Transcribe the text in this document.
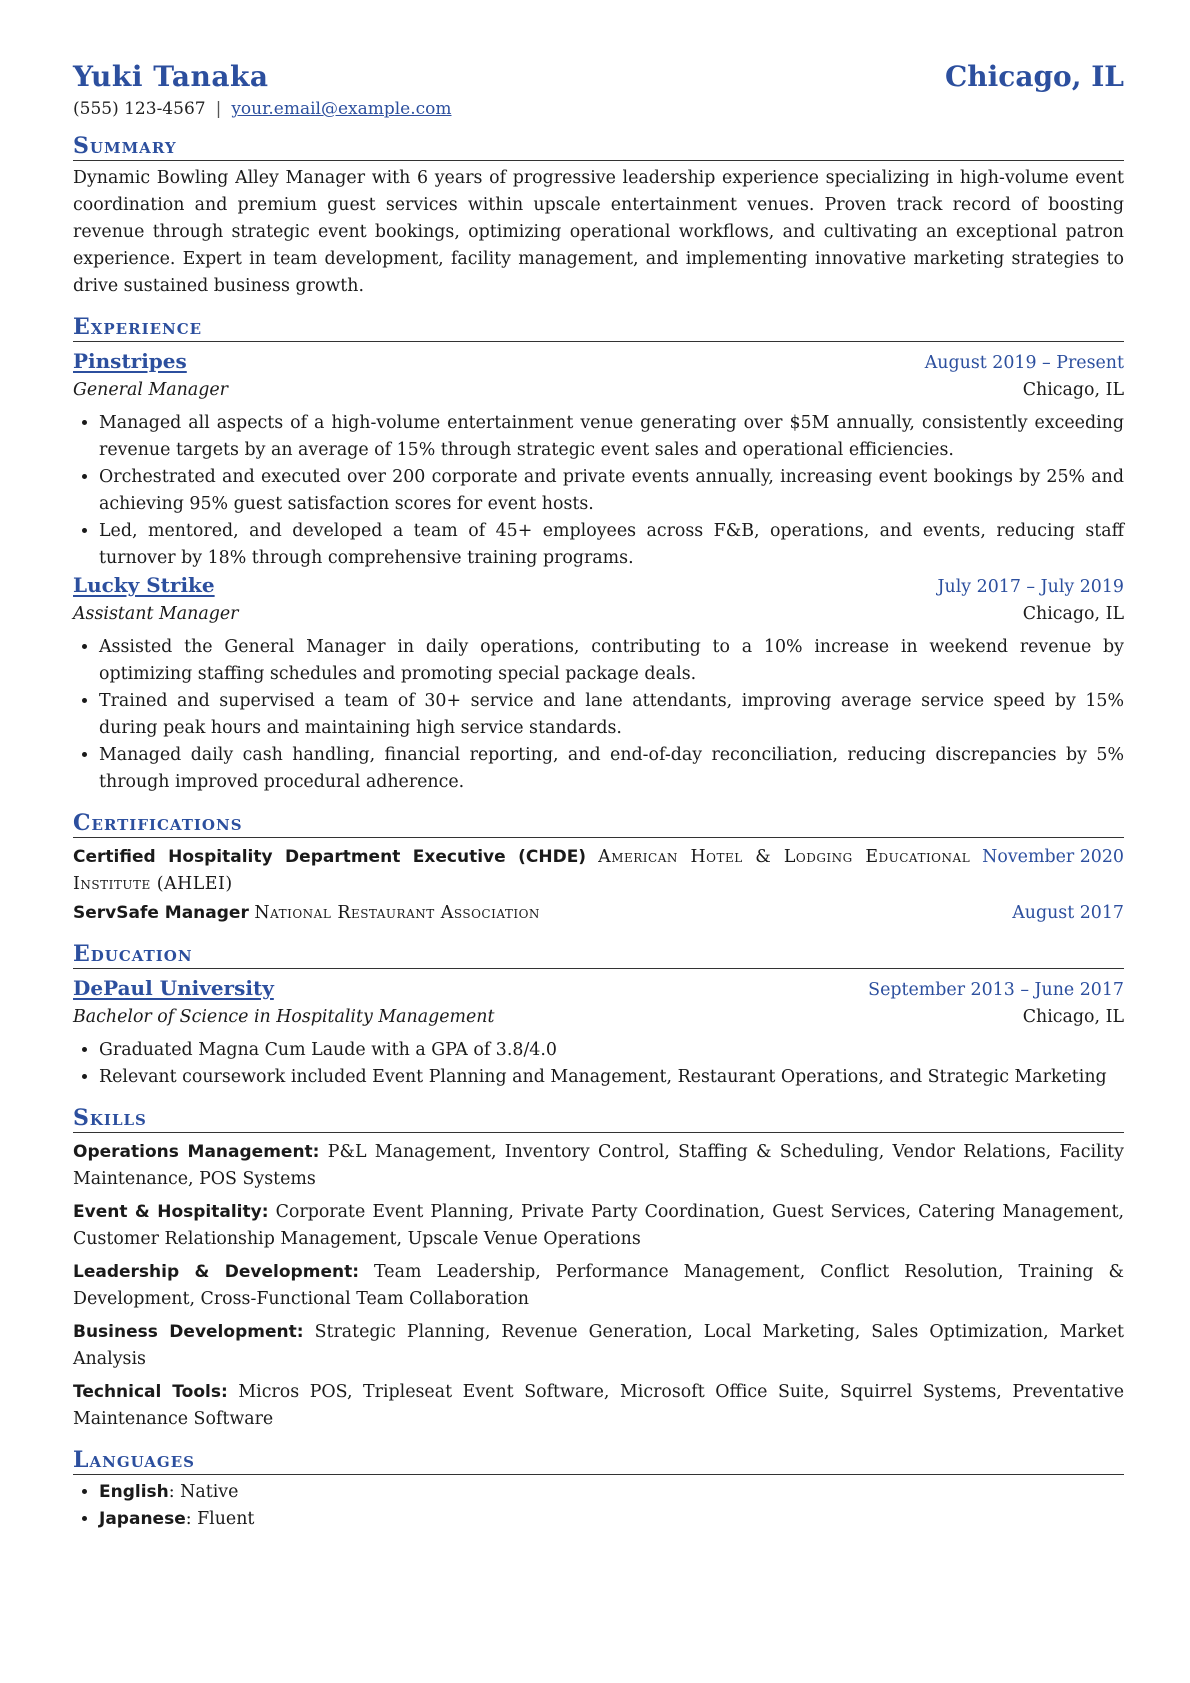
Yuki Tanaka	Chicago, IL
(555) 123-4567 | your.email@example.com
Summary
Dynamic Bowling Alley Manager with 6 years of progressive leadership experience specializing in high-volume event coordination and premium guest services within upscale entertainment venues. Proven track record of boosting revenue through strategic event bookings, optimizing operational workflows, and cultivating an exceptional patron experience. Expert in team development, facility management, and implementing innovative marketing strategies to drive sustained business growth.
Experience
Pinstripes	August 2019 – Present
General Manager	Chicago, IL
• Managed all aspects of a high-volume entertainment venue generating over $5M annually, consistently exceeding revenue targets by an average of 15% through strategic event sales and operational efficiencies.
• Orchestrated and executed over 200 corporate and private events annually, increasing event bookings by 25% and achieving 95% guest satisfaction scores for event hosts.
• Led, mentored, and developed a team of 45+ employees across F&B, operations, and events, reducing staff turnover by 18% through comprehensive training programs.
Lucky Strike	July 2017 – July 2019
Assistant Manager	Chicago, IL
• Assisted the General Manager in daily operations, contributing to a 10% increase in weekend revenue by optimizing staffing schedules and promoting special package deals.
• Trained and supervised a team of 30+ service and lane attendants, improving average service speed by 15% during peak hours and maintaining high service standards.
• Managed daily cash handling, financial reporting, and end-of-day reconciliation, reducing discrepancies by 5% through improved procedural adherence.
Certifications
Certified Hospitality Department Executive (CHDE) American Hotel & Lodging Educational Institute (AHLEI)
November 2020
ServSafe Manager National Restaurant Association	August 2017
Education
DePaul University	September 2013 – June 2017
Bachelor of Science in Hospitality Management	Chicago, IL
• Graduated Magna Cum Laude with a GPA of 3.8/4.0
• Relevant coursework included Event Planning and Management, Restaurant Operations, and Strategic Marketing
Skills
Operations Management: P&L Management, Inventory Control, Staffing & Scheduling, Vendor Relations, Facility Maintenance, POS Systems
Event & Hospitality: Corporate Event Planning, Private Party Coordination, Guest Services, Catering Management, Customer Relationship Management, Upscale Venue Operations
Leadership & Development: Team Leadership, Performance Management, Conflict Resolution, Training & Development, Cross-Functional Team Collaboration
Business Development: Strategic Planning, Revenue Generation, Local Marketing, Sales Optimization, Market Analysis
Technical Tools: Micros POS, Tripleseat Event Software, Microsoft Office Suite, Squirrel Systems, Preventative Maintenance Software
Languages
• English: Native
• Japanese: Fluent
